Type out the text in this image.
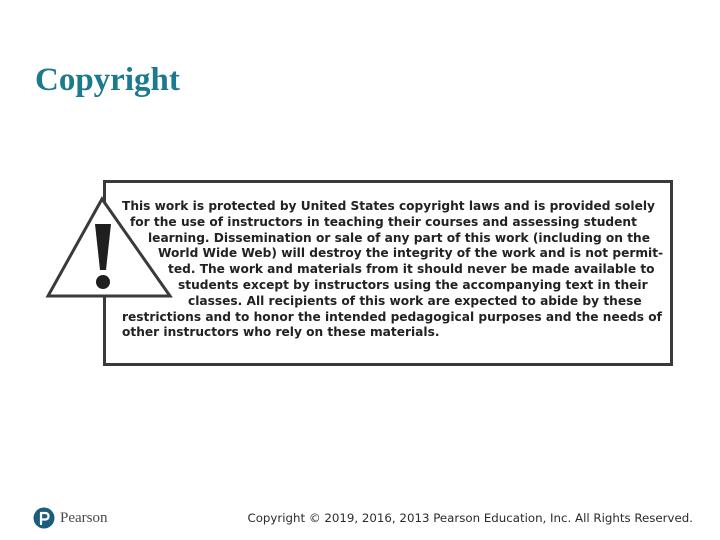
Copyright

This work is protected by United States copyright laws and is provided solely
for the use of instructors in teaching their courses and assessing student
learning. Dissemination or sale of any part of this work (including on the
World Wide Web) will destroy the integrity of the work and is not permit-
ted. The work and materials from it should never be made available to
students except by instructors using the accompanying text in their
classes. All recipients of this work are expected to abide by these
restrictions and to honor the intended pedagogical purposes and the needs of
other instructors who rely on these materials.

Pearson	Copyright © 2019, 2016, 2013 Pearson Education, Inc. All Rights Reserved.
